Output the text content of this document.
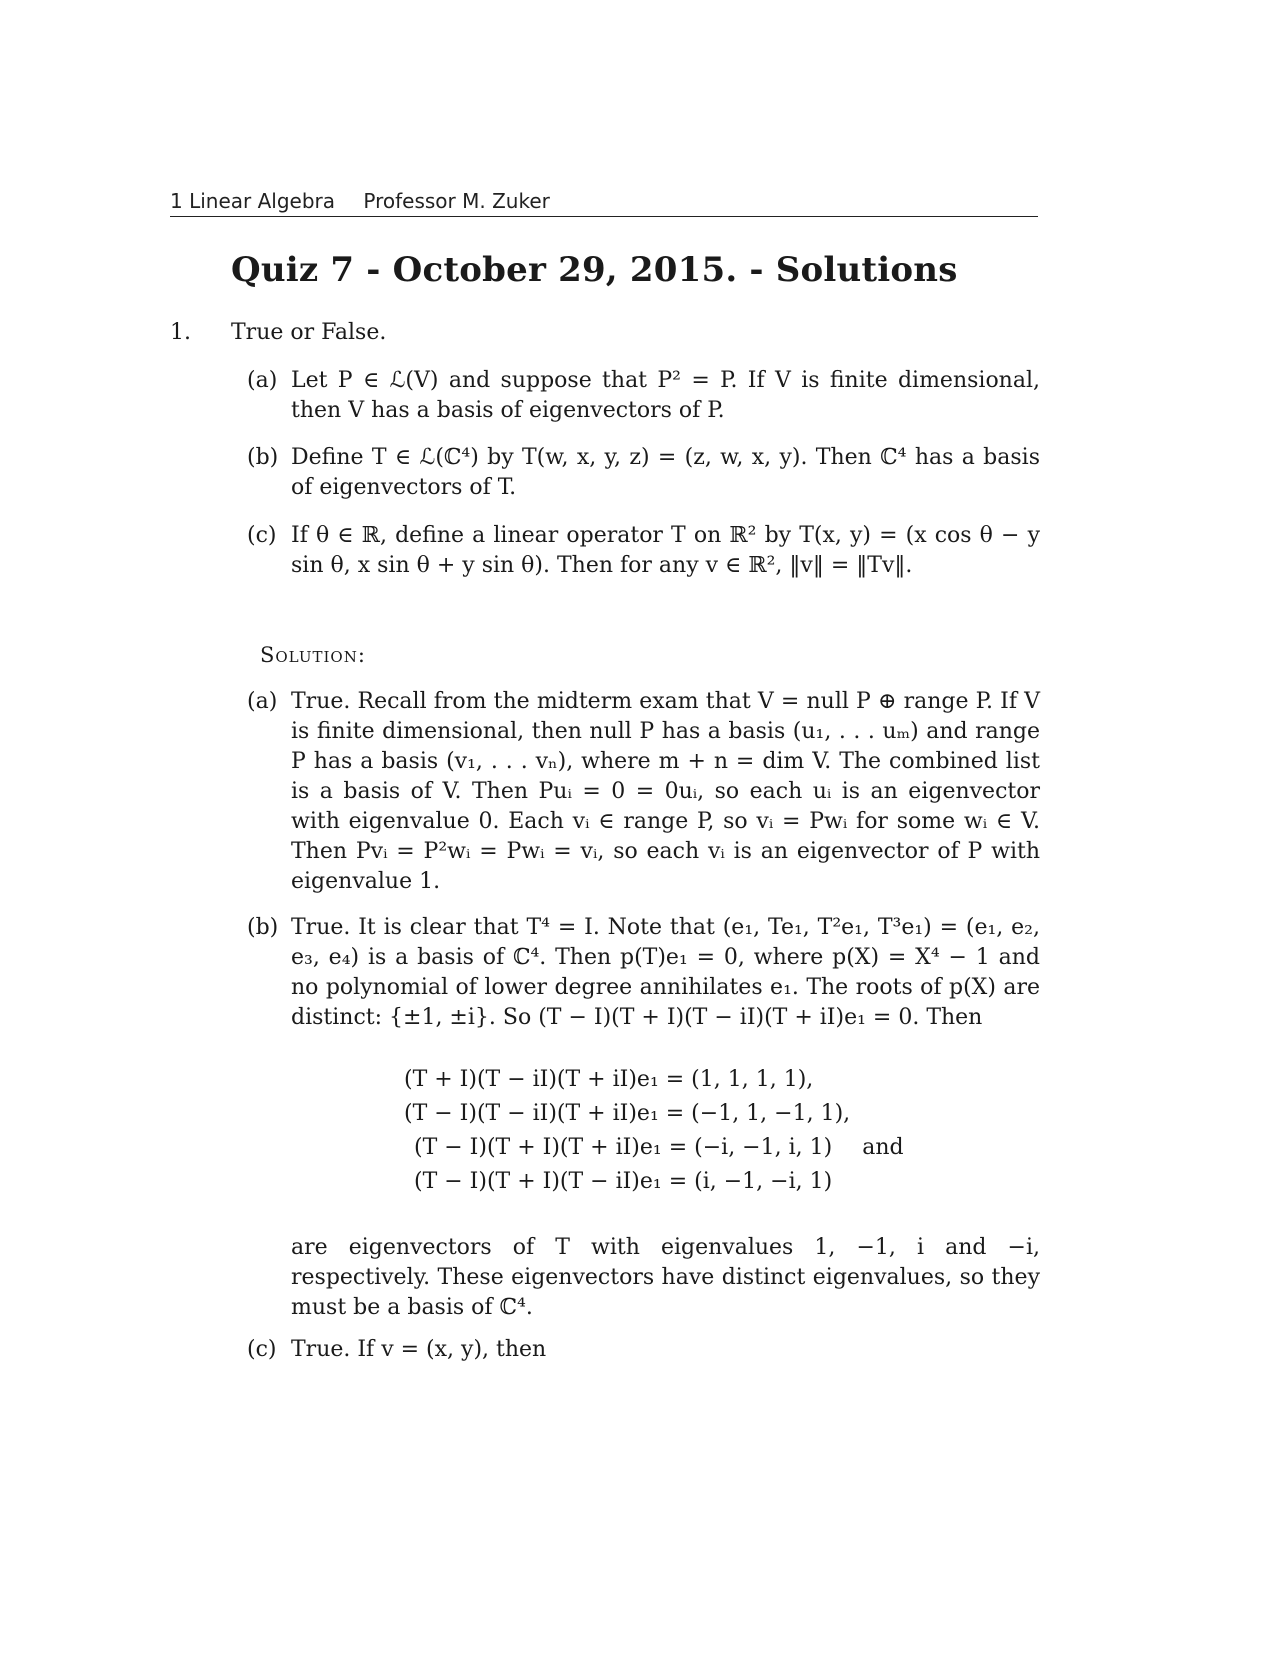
1 Linear Algebra Professor M. Zuker
Quiz 7 - October 29, 2015. - Solutions
1. True or False.
(a) Let P ∈ ℒ(V) and suppose that P² = P. If V is finite dimensional, then V has a basis of eigenvectors of P.
(b) Define T ∈ ℒ(ℂ⁴) by T(w, x, y, z) = (z, w, x, y). Then ℂ⁴ has a basis of eigenvectors of T.
(c) If θ ∈ ℝ, define a linear operator T on ℝ² by T(x, y) = (x cos θ − y sin θ, x sin θ + y sin θ). Then for any v ∈ ℝ², ‖v‖ = ‖Tv‖.
Solution:
(a) True. Recall from the midterm exam that V = null P ⊕ range P. If V is finite dimensional, then null P has a basis (u₁, . . . uₘ) and range P has a basis (v₁, . . . vₙ), where m + n = dim V. The combined list is a basis of V. Then Puᵢ = 0 = 0uᵢ, so each uᵢ is an eigenvector with eigenvalue 0. Each vᵢ ∈ range P, so vᵢ = Pwᵢ for some wᵢ ∈ V. Then Pvᵢ = P²wᵢ = Pwᵢ = vᵢ, so each vᵢ is an eigenvector of P with eigenvalue 1.
(b) True. It is clear that T⁴ = I. Note that (e₁, Te₁, T²e₁, T³e₁) = (e₁, e₂, e₃, e₄) is a basis of ℂ⁴. Then p(T)e₁ = 0, where p(X) = X⁴ − 1 and no polynomial of lower degree annihilates e₁. The roots of p(X) are distinct: {±1, ±i}. So (T − I)(T + I)(T − iI)(T + iI)e₁ = 0. Then
(T + I)(T − iI)(T + iI)e₁ = (1, 1, 1, 1),
(T − I)(T − iI)(T + iI)e₁ = (−1, 1, −1, 1),
(T − I)(T + I)(T + iI)e₁ = (−i, −1, i, 1) and
(T − I)(T + I)(T − iI)e₁ = (i, −1, −i, 1)
are eigenvectors of T with eigenvalues 1, −1, i and −i, respectively. These eigenvectors have distinct eigenvalues, so they must be a basis of ℂ⁴.
(c) True. If v = (x, y), then
